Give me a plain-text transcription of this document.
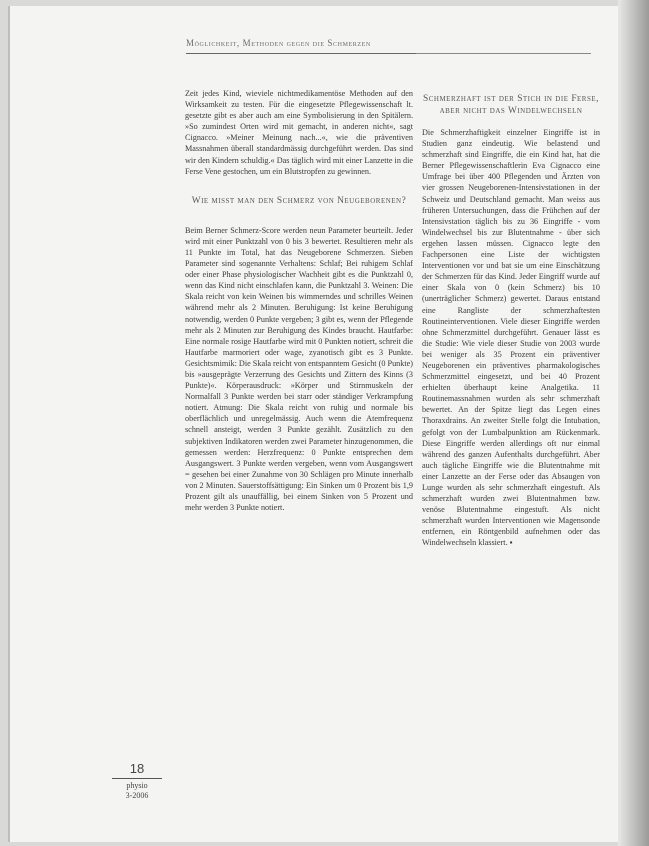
Möglichkeit, Methoden gegen die Schmerzen

Zeit jedes Kind, wieviele nichtmedikamentöse Methoden auf den Wirksamkeit zu testen. Für die eingesetzte Pflegewissenschaft lt. gesetzte gibt es aber auch am eine Symbolisierung in den Spitälern. »So zumindest Orten wird mit gemacht, in anderen nicht«, sagt Cignacco. »Meiner Meinung nach...«, wie die präventiven Massnahmen überall standardmässig durchgeführt werden. Das sind wir den Kindern schuldig.« Das täglich wird mit einer Lanzette in die Ferse Vene gestochen, um ein Blutstropfen zu gewinnen.

Wie misst man den Schmerz von Neugeborenen?

Beim Berner Schmerz-Score werden neun Parameter beurteilt. Jeder wird mit einer Punktzahl von 0 bis 3 bewertet. Resultieren mehr als 11 Punkte im Total, hat das Neugeborene Schmerzen. Sieben Parameter sind sogenannte Verhaltens: Schlaf; Bei ruhigem Schlaf oder einer Phase physiologischer Wachheit gibt es die Punktzahl 0, wenn das Kind nicht einschlafen kann, die Punktzahl 3. Weinen: Die Skala reicht von kein Weinen bis wimmerndes und schrilles Weinen während mehr als 2 Minuten. Beruhigung: Ist keine Beruhigung notwendig, werden 0 Punkte vergeben; 3 gibt es, wenn der Pflegende mehr als 2 Minuten zur Beruhigung des Kindes braucht. Hautfarbe: Eine normale rosige Hautfarbe wird mit 0 Punkten notiert, schreit die Hautfarbe marmoriert oder wage, zyanotisch gibt es 3 Punkte. Gesichtsmimik: Die Skala reicht von entspanntem Gesicht (0 Punkte) bis »ausgeprägte Verzerrung des Gesichts und Zittern des Kinns (3 Punkte)«. Körperausdruck: »Körper und Stirnmuskeln der Normalfall 3 Punkte werden bei starr oder ständiger Verkrampfung notiert. Atmung: Die Skala reicht von ruhig und normale bis oberflächlich und unregelmässig. Auch wenn die Atemfrequenz schnell ansteigt, werden 3 Punkte gezählt. Zusätzlich zu den subjektiven Indikatoren werden zwei Parameter hinzugenommen, die gemessen werden: Herzfrequenz: 0 Punkte entsprechen dem Ausgangswert. 3 Punkte werden vergeben, wenn vom Ausgangswert = gesehen bei einer Zunahme von 30 Schlägen pro Minute innerhalb von 2 Minuten. Sauerstoffsättigung: Ein Sinken um 0 Prozent bis 1,9 Prozent gilt als unauffällig, bei einem Sinken von 5 Prozent und mehr werden 3 Punkte notiert.

Schmerzhaft ist der Stich in die Ferse, aber nicht das Windelwechseln

Die Schmerzhaftigkeit einzelner Eingriffe ist in Studien ganz eindeutig. Wie belastend und schmerzhaft sind Eingriffe, die ein Kind hat, hat die Berner Pflegewissenschaftlerin Eva Cignacco eine Umfrage bei über 400 Pflegenden und Ärzten von vier grossen Neugeborenen-Intensivstationen in der Schweiz und Deutschland gemacht. Man weiss aus früheren Untersuchungen, dass die Frühchen auf der Intensivstation täglich bis zu 36 Eingriffe - vom Windelwechsel bis zur Blutentnahme - über sich ergehen lassen müssen. Cignacco legte den Fachpersonen eine Liste der wichtigsten Interventionen vor und bat sie um eine Einschätzung der Schmerzen für das Kind. Jeder Eingriff wurde auf einer Skala von 0 (kein Schmerz) bis 10 (unerträglicher Schmerz) gewertet. Daraus entstand eine Rangliste der schmerzhaftesten Routineinterventionen. Viele dieser Eingriffe werden ohne Schmerzmittel durchgeführt. Genauer lässt es die Studie: Wie viele dieser Studie von 2003 wurde bei weniger als 35 Prozent ein präventiver Neugeborenen ein präventives pharmakologisches Schmerzmittel eingesetzt, und bei 40 Prozent erhielten überhaupt keine Analgetika. 11 Routinemassnahmen wurden als sehr schmerzhaft bewertet. An der Spitze liegt das Legen eines Thoraxdrains. An zweiter Stelle folgt die Intubation, gefolgt von der Lumbalpunktion am Rückenmark. Diese Eingriffe werden allerdings oft nur einmal während des ganzen Aufenthalts durchgeführt. Aber auch tägliche Eingriffe wie die Blutentnahme mit einer Lanzette an der Ferse oder das Absaugen von Lunge wurden als sehr schmerzhaft eingestuft. Als schmerzhaft wurden zwei Blutentnahmen bzw. venöse Blutentnahme eingestuft. Als nicht schmerzhaft wurden Interventionen wie Magensonde entfernen, ein Röntgenbild aufnehmen oder das Windelwechseln klassiert. ▪

18
physio
3-2006
